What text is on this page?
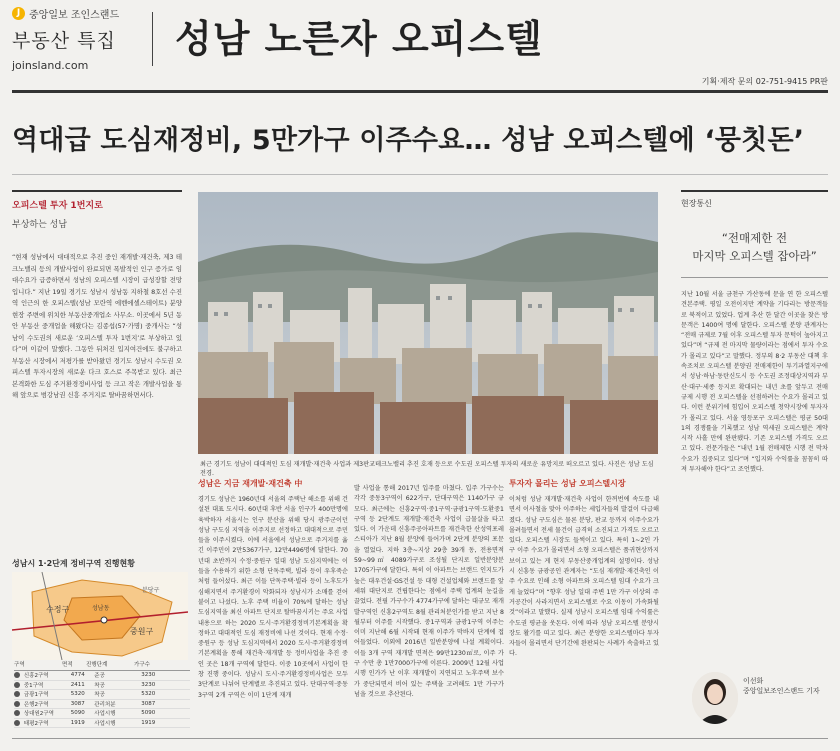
J 중앙일보 조인스랜드
부동산 특집
joinsland.com
성남 노른자 오피스텔
기획·제작 문의 02-751-9415 PR판
역대급 도심재정비, 5만가구 이주수요… 성남 오피스텔에 ‘뭉칫돈’
오피스텔 투자 1번지로
부상하는 성남
“현재 성남에서 대대적으로 추진 중인 재개발·재건축, 제3 테크노밸리 등의 개발사업이 완료되면 폭발적인 인구 증가로 임대수요가 급증하면서 성남의 오피스텔 시장이 급성장할 전망입니다.” 지난 19일 경기도 성남시 성남동 지하철 8호선 수진역 인근의 한 오피스텔(성남 모란역 에벤에셀스테이트) 분양 현장 주변에 위치한 부동산중개업소 사무소. 이곳에서 5년 동안 부동산 중개업을 해왔다는 김종섭(57·가명) 중개사는 “성남이 수도권의 새로운 ‘오피스텔 투자 1번지’로 부상하고 있다”며 이같이 말했다. 그동안 뒤처진 입지여건에도 불구하고 부동산 시장에서 저평가를 받아왔던 경기도 성남시 수도권 오피스텔 투자시장의 새로운 다크 호스로 주목받고 있다. 최근 본격화한 도심 주거환경정비사업 등 크고 작은 개발사업을 통해 앞으로 범강남권 신흥 주거지로 탈바꿈하면서다.
성남시 1·2단계 정비구역 진행현황
수정구
중원구
분당구
성남동
구역	면적	진행단계	가구수
신흥2구역	4774	준공	3230
중1구역	2411	착공	3230
금광1구역	5320	착공	5320
은행2구역	3087	관리처분	3087
상대원2구역	5090	사업시행	5090
태평2구역	1919	사업시행	1919
최근 경기도 성남이 대대적인 도심 재개발·재건축 사업과 제3판교테크노밸리 추진 호재 등으로 수도권 오피스텔 투자의 새로운 유망지로 떠오르고 있다. 사진은 성남 도심 전경.
성남은 지금 재개발·재건축 中
경기도 성남은 1960년대 서울의 주택난 해소를 위해 건설된 대표 도시다. 60년대 후반 서울 인구가 400만명에 육박하자 서울시는 인구 분산을 위해 당시 광주군이던 성남 구도심 지역을 이주지로 선정하고 대대적으로 주민들을 이주시켰다. 이에 서울에서 성남으로 주거지를 옮긴 이주민이 2만5367가구, 12만4496명에 달한다. 70년대 초반까지 수정·중원구 일대 성남 도심지역에는 이들을 수용하기 위한 소형 단독주택, 빌라 등이 우후죽순처럼 들어섰다. 최근 이들 단독주택·빌라 등이 노후도가 심해지면서 주거환경이 악화되자 성남시가 소매를 걷어붙이고 나섰다. 노후 주택 비율이 70%에 달하는 성남 도심지역을 최신 아파트 단지로 탈바꿈시키는 주요 사업내용으로 하는 2020 도시·주거환경정비기본계획을 확정하고 대대적인 도심 재정비에 나선 것이다. 현재 수정·중원구 등 성남 도심지역에서 2020 도시·주거환경정비기본계획을 통해 재건축·재개발 등 정비사업을 추진 중인 곳은 18개 구역에 달한다. 이중 10곳에서 사업이 한창 진행 중이다. 성남시 도시·주거환경정비사업은 모두 3단계로 나뉘어 단계별로 추진되고 있다. 단대구역·중동3구역 2개 구역은 이미 1단계 재개
발 사업을 통해 2017년 입주를 마쳤다. 입주 가구수는 각각 중동3구역이 622가구, 단대구역은 1140가구 규모다. 최근에는 신흥2구역·중1구역·금광1구역·도환중1구역 등 2단계도 재개발·재건축 사업이 급물살을 타고 있다. 이 가운데 신흥주공아파트를 재건축한 산성역포레스티아가 지난 8월 분양에 들어가며 2단계 분양의 포문을 열었다. 지하 3층~지상 29층 39개 동, 전용면적 59~99㎡ 4089가구로 조성될 단지로 일반분양분 1705가구에 달한다. 특히 이 아파트는 브랜드 인지도가 높은 대우건설·GS건설 등 대형 건설업체와 브랜드를 앞세워 대단지로 건립한다는 점에서 주택 업계의 눈길을 끌었다. 전필 가구수가 4774가구에 달하는 대규모 재개발구역인 신흥2구역도 8월 관리처분인가를 받고 지난 8월부터 이주를 시작했다. 중1구역과 금광1구역 이주는 이미 지난해 6월 시작돼 현재 이주가 막바지 단계에 접어들었다. 이외에 2016년 일반분양에 나설 계획이다. 이들 3개 구역 재개발 면적은 99만1230㎡로, 이주 가구 수만 총 1만7000가구에 이른다. 2009년 12월 사업시행 인가가 난 이후 재개발이 지연되고 노후주택 보수가 중단되면서 비어 있는 주택을 고려해도 1만 가구가 넘을 것으로 추산된다.
투자자 몰리는 성남 오피스텔시장
이처럼 성남 재개발·재건축 사업이 한꺼번에 속도를 내면서 이사철을 맞아 이주하는 세입자들의 발걸이 다급해졌다. 성남 구도심은 물론 분당, 판교 등까지 이주수요가 몰려들면서 전세 물건이 급격히 소진되고 가격도 오르고 있다. 오피스텔 시장도 들썩이고 있다. 특히 1~2인 가구 이주 수요가 몰리면서 소형 오피스텔은 품귀현상까지 보이고 있는 게 현지 부동산중개업계의 설명이다. 성남시 신흥동 금광공인 관계자는 “도심 재개발·재건축인 이주 수요로 인해 소형 아파트와 오피스텔 임대 수요가 크게 늘었다”며 “향후 성남 일대 주변 1만 가구 이상의 주거공간이 사라지면서 오피스텔로 수요 이동이 가속화될 것”이라고 말했다. 실제 성남시 오피스텔 임대 수익률은 수도권 평균을 웃돈다. 이에 따라 성남 오피스텔 분양시장도 활기를 띠고 있다. 최근 분양한 오피스텔마다 투자자들이 몰리면서 단기간에 완판되는 사례가 속출하고 있다.
현장통신
“전매제한 전
마지막 오피스텔 잡아라”
지난 10월 서울 금천구 가산동에 문을 연 한 오피스텔 견본주택. 평일 오전이지만 계약을 기다리는 방문객들로 북적이고 있었다. 업계 추산 한 달간 이곳을 찾은 방문객은 1400여 명에 달한다. 오피스텔 분양 관계자는 “전매 규제로 7월 이후 오피스텔 투자 문턱이 높아지고 있다”며 “규제 전 마지막 물량이라는 점에서 투자 수요가 몰리고 있다”고 말했다. 정부의 8·2 부동산 대책 후속조치로 오피스텔 분양권 전매제한이 투기과열지구에서 성남·하남·동탄신도시 등 수도권 조정대상지역과 부산·대구·세종 등지로 확대되는 내년 초를 앞두고 전매 규제 시행 전 오피스텔을 선점하려는 수요가 몰리고 있다. 이런 분위기에 힘입어 오피스텔 청약시장에 투자자가 몰리고 있다. 서울 영등포구 오피스텔은 평균 50대 1의 경쟁률을 기록했고 성남 역세권 오피스텔은 계약 시작 사흘 만에 완판됐다. 기존 오피스텔 가격도 오르고 있다. 전문가들은 “내년 1월 전매제한 시행 전 막차 수요가 집중되고 있다”며 “입지와 수익률을 꼼꼼히 따져 투자해야 한다”고 조언했다.
이선화
중앙일보조인스랜드 기자
